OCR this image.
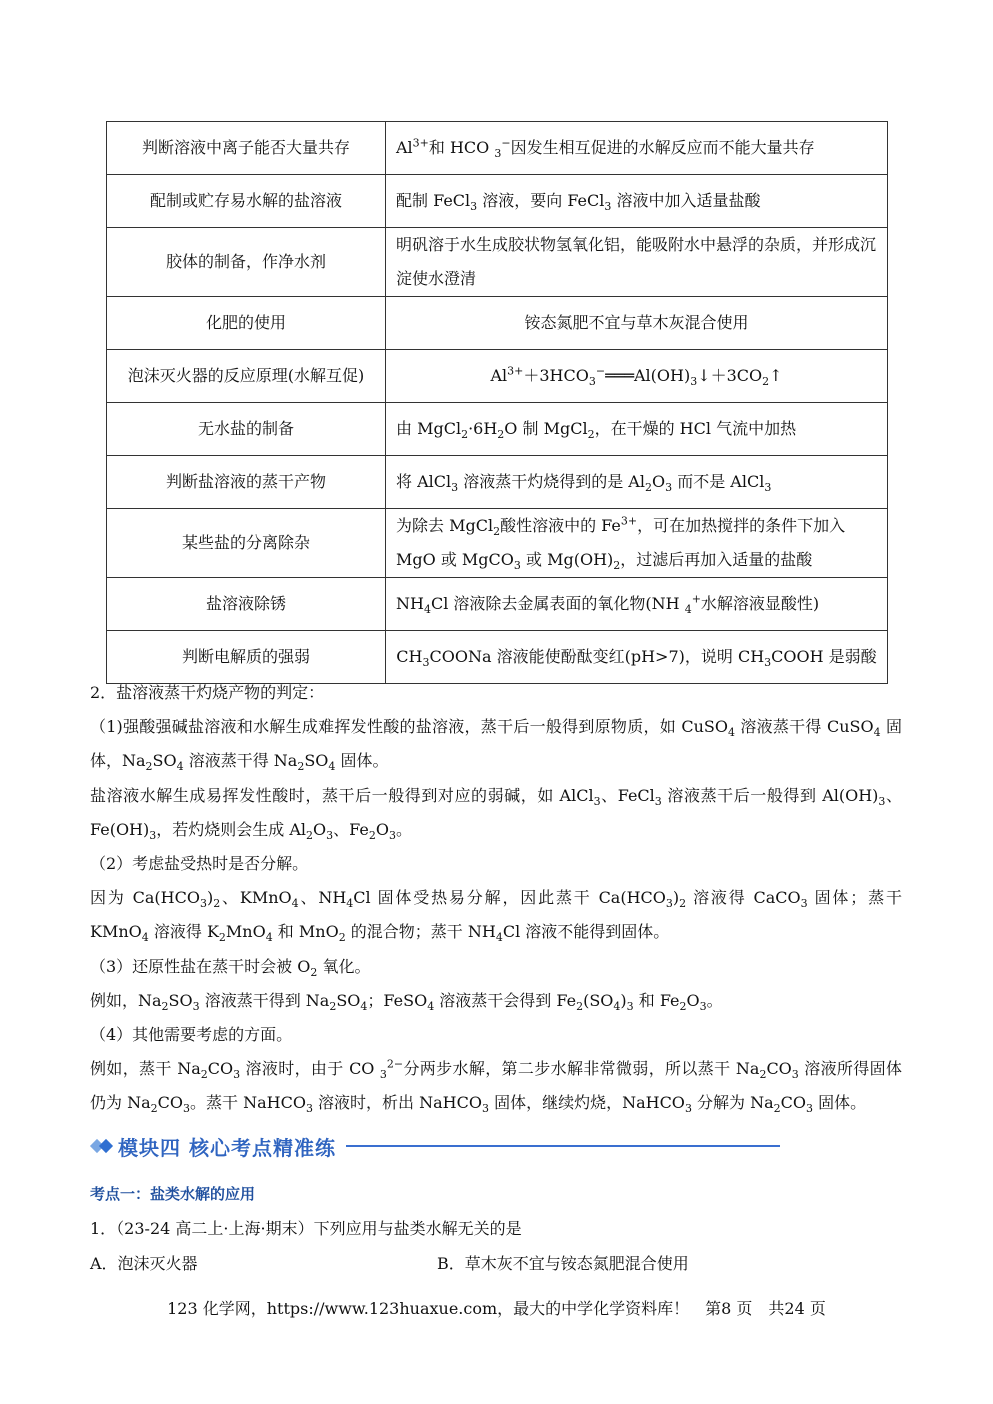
判断溶液中离子能否大量共存	$Al^{3+}$和 HCO $_3$−因发生相互促进的水解反应而不能大量共存
配制或贮存易水解的盐溶液	配制 FeCl$_3$ 溶液，要向 FeCl$_3$ 溶液中加入适量盐酸
胶体的制备，作净水剂	明矾溶于水生成胶状物氢氧化铝，能吸附水中悬浮的杂质，并形成沉淀使水澄清
化肥的使用	铵态氮肥不宜与草木灰混合使用
泡沫灭火器的反应原理(水解互促)	$Al^{3+}+3HCO_3^-═══Al(OH)_3↓+3CO_2↑$
无水盐的制备	由 $MgCl_2\cdot 6H_2O$ 制 MgCl$_2$，在干燥的 HCl 气流中加热
判断盐溶液的蒸干产物	将 AlCl$_3$ 溶液蒸干灼烧得到的是 $Al_2O_3$ 而不是 AlCl$_3$
某些盐的分离除杂	为除去 MgCl$_2$酸性溶液中的 $Fe^{3+}$，可在加热搅拌的条件下加入 MgO 或 MgCO$_3$ 或 $Mg(OH)_2$，过滤后再加入适量的盐酸
盐溶液除锈	$NH_4Cl$ 溶液除去金属表面的氧化物(NH $_4$+水解溶液显酸性)
判断电解质的强弱	$CH_3COONa$ 溶液能使酚酞变红(pH>7)，说明 $CH_3COOH$ 是弱酸

2．盐溶液蒸干灼烧产物的判定：

（1)强酸强碱盐溶液和水解生成难挥发性酸的盐溶液，蒸干后一般得到原物质，如 CuSO$_4$ 溶液蒸干得 CuSO$_4$ 固体，$Na_2SO_4$ 溶液蒸干得 $Na_2SO_4$ 固体。

盐溶液水解生成易挥发性酸时，蒸干后一般得到对应的弱碱，如 AlCl$_3$、FeCl$_3$ 溶液蒸干后一般得到 $Al(OH)_3$、$Fe(OH)_3$，若灼烧则会生成 $Al_2O_3$、$Fe_2O_3$。

（2）考虑盐受热时是否分解。

因为 $Ca(HCO_3)_2$、KMnO$_4$、$NH_4Cl$ 固体受热易分解，因此蒸干 $Ca(HCO_3)_2$ 溶液得 CaCO$_3$ 固体；蒸干 KMnO$_4$ 溶液得 $K_2MnO_4$ 和 MnO$_2$ 的混合物；蒸干 $NH_4Cl$ 溶液不能得到固体。

（3）还原性盐在蒸干时会被 $O_2$ 氧化。

例如，$Na_2SO_3$ 溶液蒸干得到 $Na_2SO_4$；FeSO$_4$ 溶液蒸干会得到 $Fe_2(SO_4)_3$ 和 $Fe_2O_3$。

（4）其他需要考虑的方面。

例如，蒸干 $Na_2CO_3$ 溶液时，由于 CO $_3^{2-}$分两步水解，第二步水解非常微弱，所以蒸干 $Na_2CO_3$ 溶液所得固体仍为 $Na_2CO_3$。蒸干 NaHCO$_3$ 溶液时，析出 NaHCO$_3$ 固体，继续灼烧，NaHCO$_3$ 分解为 $Na_2CO_3$ 固体。

模块四 核心考点精准练
考点一：盐类水解的应用
1．（23-24 高二上·上海·期末）下列应用与盐类水解无关的是
A．泡沫灭火器	B．草木灰不宜与铵态氮肥混合使用
123 化学网，https://www.123huaxue.com，最大的中学化学资料库！　第8 页　共24 页
